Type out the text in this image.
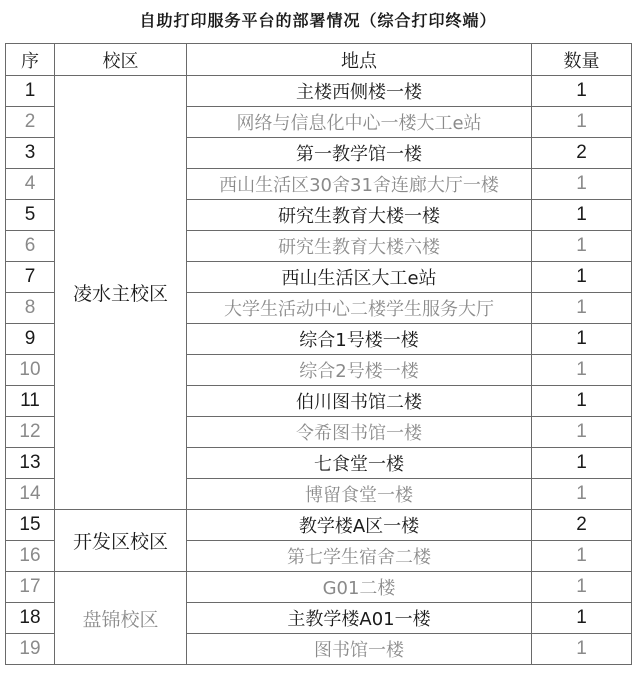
自助打印服务平台的部署情况（综合打印终端）
序	校区	地点	数量
1	凌水主校区	主楼西侧楼一楼	1
2		网络与信息化中心一楼大工e站	1
3		第一教学馆一楼	2
4		西山生活区30舍31舍连廊大厅一楼	1
5		研究生教育大楼一楼	1
6		研究生教育大楼六楼	1
7		西山生活区大工e站	1
8		大学生活动中心二楼学生服务大厅	1
9		综合1号楼一楼	1
10		综合2号楼一楼	1
11		伯川图书馆二楼	1
12		令希图书馆一楼	1
13		七食堂一楼	1
14		博留食堂一楼	1
15	开发区校区	教学楼A区一楼	2
16		第七学生宿舍二楼	1
17	盘锦校区	G01二楼	1
18		主教学楼A01一楼	1
19		图书馆一楼	1
